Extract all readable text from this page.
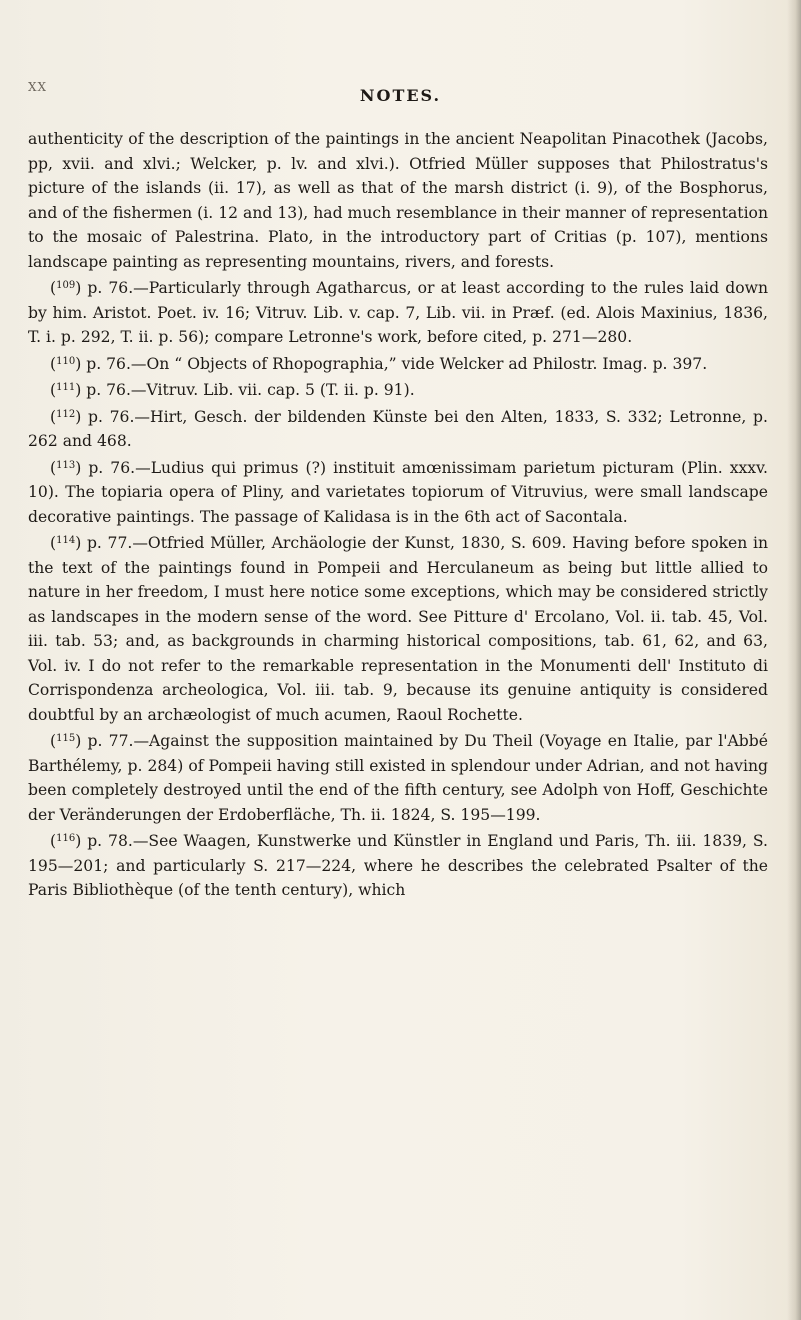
XX	NOTES.

authenticity of the description of the paintings in the ancient Neapolitan Pinacothek (Jacobs, pp, xvii. and xlvi.; Welcker, p. lv. and xlvi.). Otfried Müller supposes that Philostratus's picture of the islands (ii. 17), as well as that of the marsh district (i. 9), of the Bosphorus, and of the fishermen (i. 12 and 13), had much resemblance in their manner of representation to the mosaic of Palestrina. Plato, in the introductory part of Critias (p. 107), mentions landscape painting as representing mountains, rivers, and forests.

($^{109}$) p. 76.—Particularly through Agatharcus, or at least according to the rules laid down by him. Aristot. Poet. iv. 16; Vitruv. Lib. v. cap. 7, Lib. vii. in Præf. (ed. Alois Maxinius, 1836, T. i. p. 292, T. ii. p. 56); compare Letronne's work, before cited, p. 271—280.

($^{110}$) p. 76.—On “ Objects of Rhopographia,” vide Welcker ad Philostr. Imag. p. 397.

($^{111}$) p. 76.—Vitruv. Lib. vii. cap. 5 (T. ii. p. 91).

($^{112}$) p. 76.—Hirt, Gesch. der bildenden Künste bei den Alten, 1833, S. 332; Letronne, p. 262 and 468.

($^{113}$) p. 76.—Ludius qui primus (?) instituit amœnissimam parietum picturam (Plin. xxxv. 10). The topiaria opera of Pliny, and varietates topiorum of Vitruvius, were small landscape decorative paintings. The passage of Kalidasa is in the 6th act of Sacontala.

($^{114}$) p. 77.—Otfried Müller, Archäologie der Kunst, 1830, S. 609. Having before spoken in the text of the paintings found in Pompeii and Herculaneum as being but little allied to nature in her freedom, I must here notice some exceptions, which may be considered strictly as landscapes in the modern sense of the word. See Pitture d' Ercolano, Vol. ii. tab. 45, Vol. iii. tab. 53; and, as backgrounds in charming historical compositions, tab. 61, 62, and 63, Vol. iv. I do not refer to the remarkable representation in the Monumenti dell' Instituto di Corrispondenza archeologica, Vol. iii. tab. 9, because its genuine antiquity is considered doubtful by an archæologist of much acumen, Raoul Rochette.

($^{115}$) p. 77.—Against the supposition maintained by Du Theil (Voyage en Italie, par l'Abbé Barthélemy, p. 284) of Pompeii having still existed in splendour under Adrian, and not having been completely destroyed until the end of the fifth century, see Adolph von Hoff, Geschichte der Veränderungen der Erdoberfläche, Th. ii. 1824, S. 195—199.

($^{116}$) p. 78.—See Waagen, Kunstwerke und Künstler in England und Paris, Th. iii. 1839, S. 195—201; and particularly S. 217—224, where he describes the celebrated Psalter of the Paris Bibliothèque (of the tenth century), which
